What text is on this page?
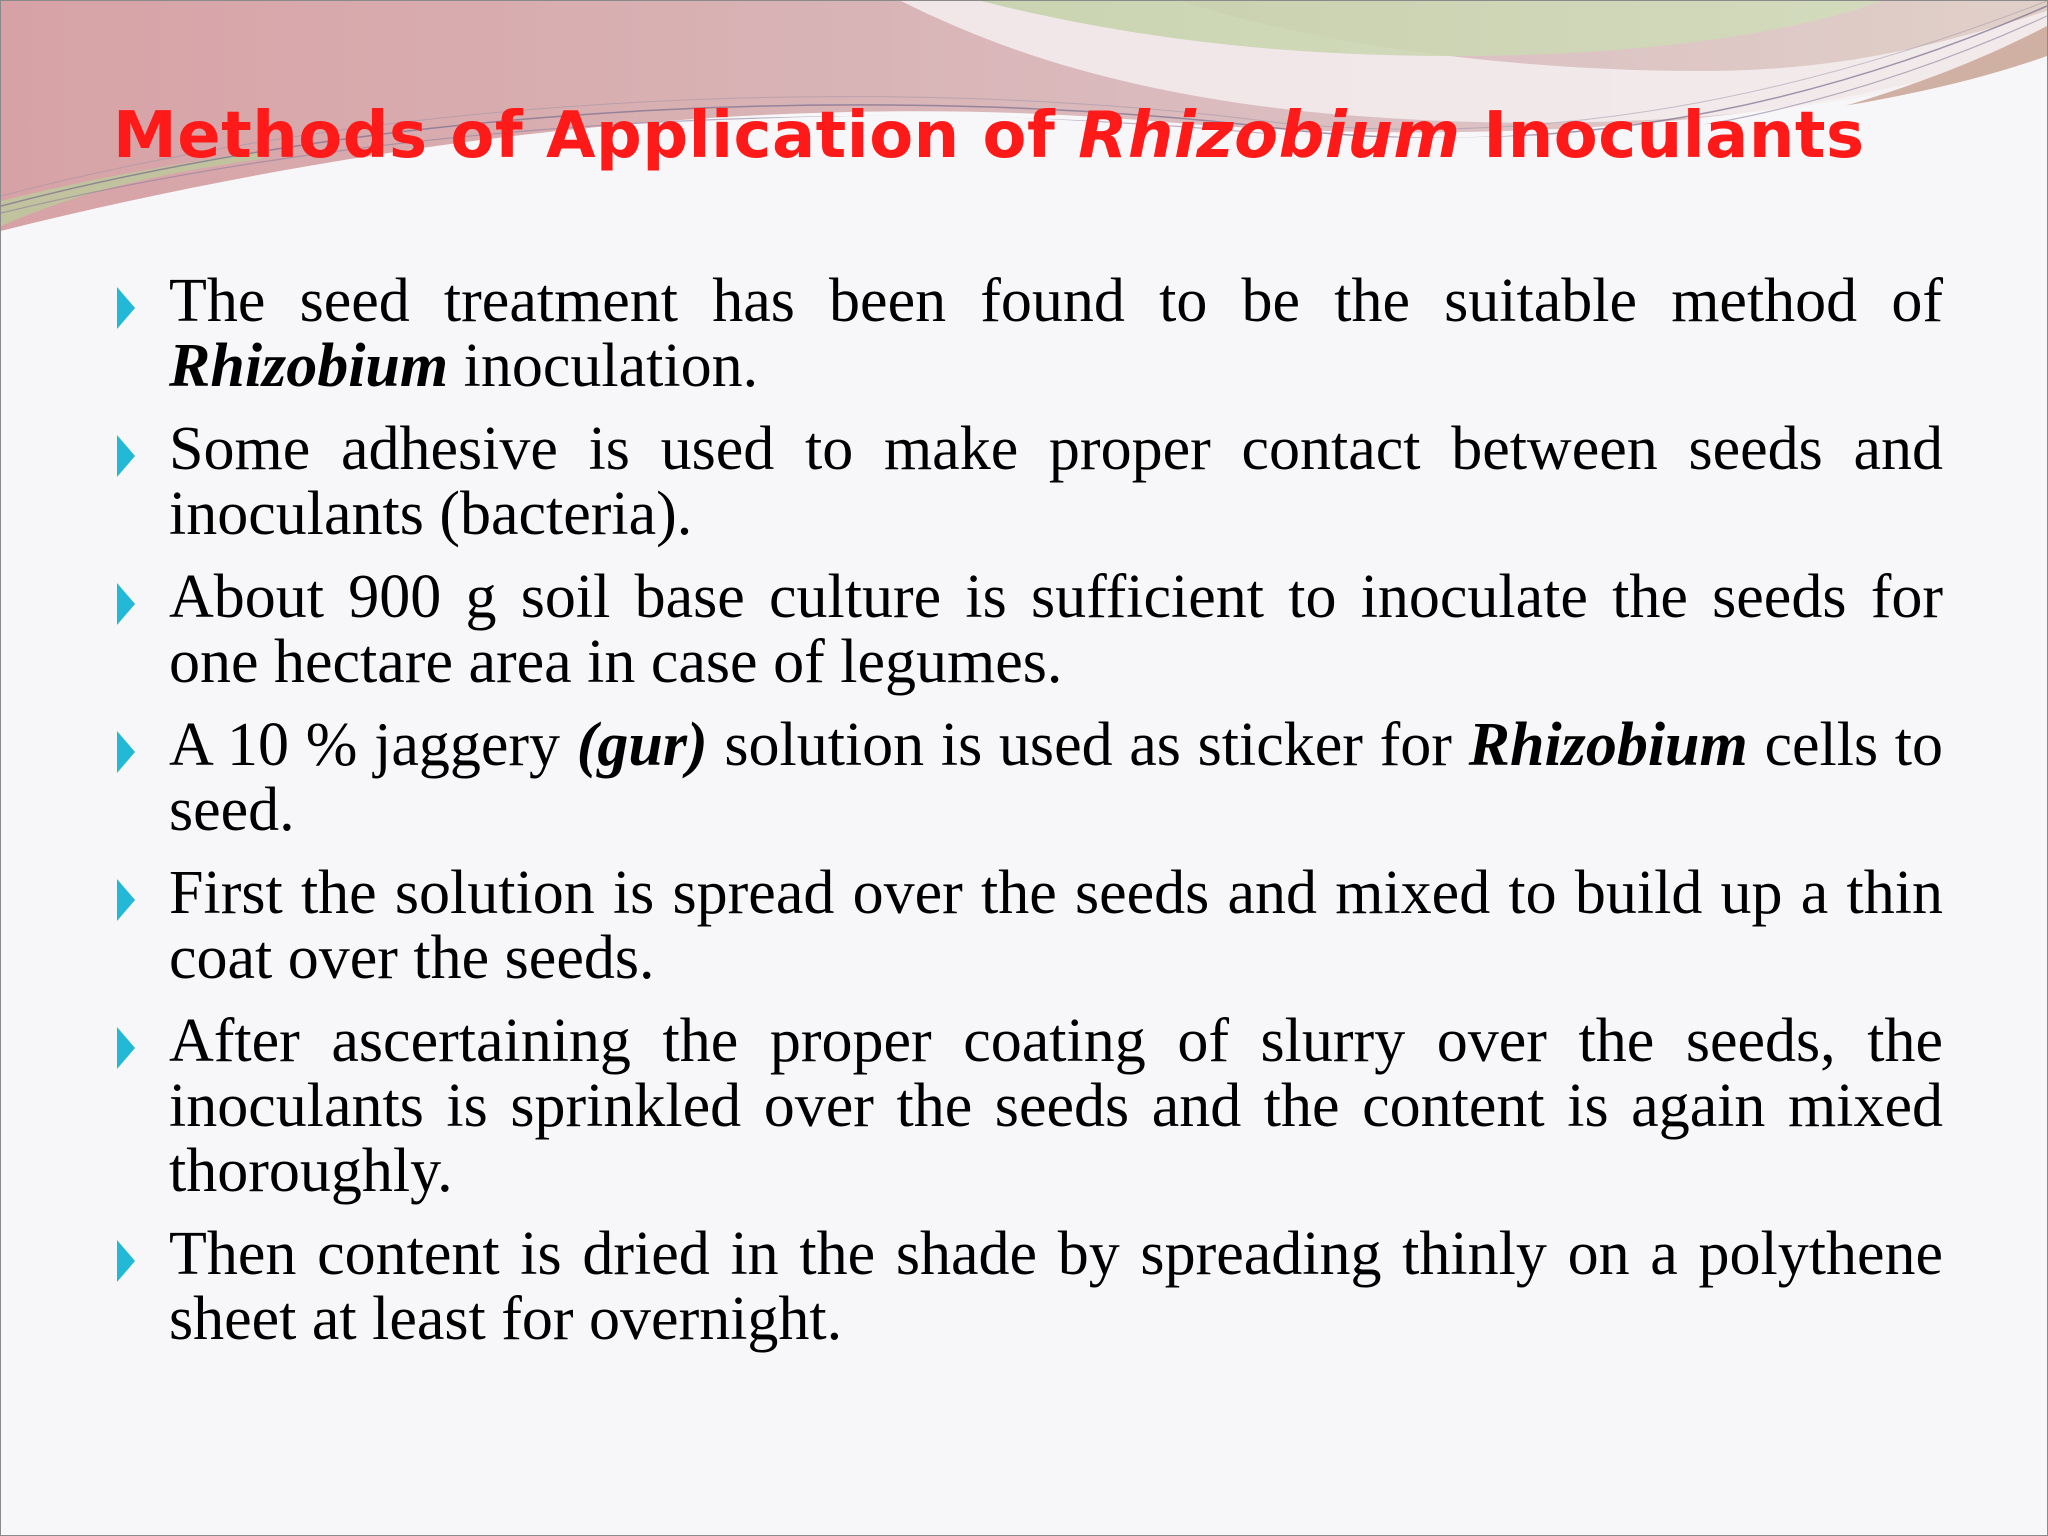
Methods of Application of Rhizobium Inoculants
The seed treatment has been found to be the suitable method of Rhizobium inoculation.
Some adhesive is used to make proper contact between seeds and inoculants (bacteria).
About 900 g soil base culture is sufficient to inoculate the seeds for one hectare area in case of legumes.
A 10 % jaggery (gur) solution is used as sticker for Rhizobium cells to seed.
First the solution is spread over the seeds and mixed to build up a thin coat over the seeds.
After ascertaining the proper coating of slurry over the seeds, the inoculants is sprinkled over the seeds and the content is again mixed thoroughly.
Then content is dried in the shade by spreading thinly on a polythene sheet at least for overnight.
